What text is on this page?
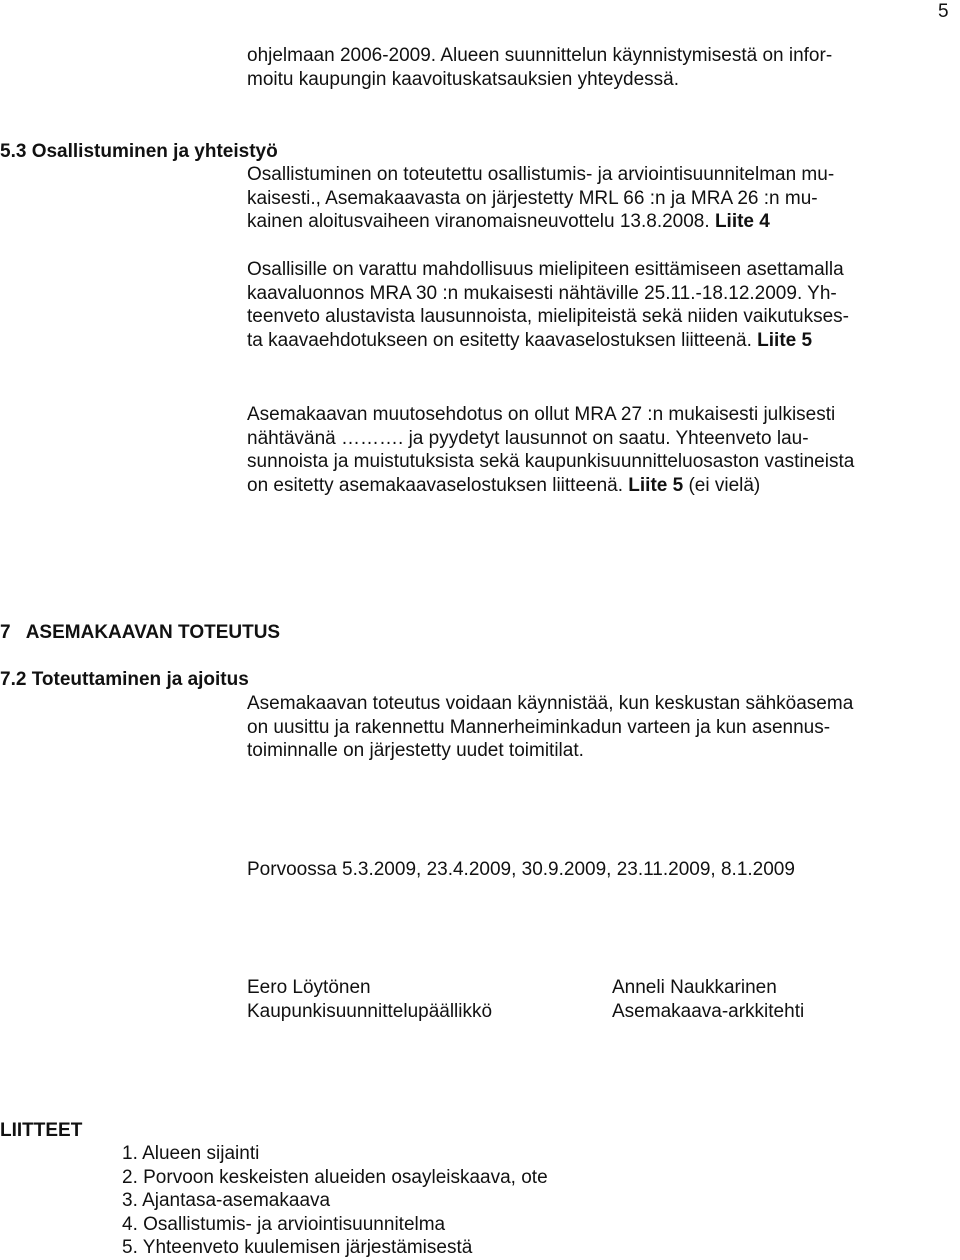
5

ohjelmaan 2006-2009. Alueen suunnittelun käynnistymisestä on infor-

moitu kaupungin kaavoituskatsauksien yhteydessä.

5.3 Osallistuminen ja yhteistyö

Osallistuminen on toteutettu osallistumis- ja arviointisuunnitelman mu-

kaisesti., Asemakaavasta on järjestetty MRL 66 :n ja MRA 26 :n mu-

kainen aloitusvaiheen viranomaisneuvottelu 13.8.2008. Liite 4

Osallisille on varattu mahdollisuus mielipiteen esittämiseen asettamalla

kaavaluonnos MRA 30 :n mukaisesti nähtäville 25.11.-18.12.2009. Yh-

teenveto alustavista lausunnoista, mielipiteistä sekä niiden vaikutukses-

ta kaavaehdotukseen on esitetty kaavaselostuksen liitteenä. Liite 5

Asemakaavan muutosehdotus on ollut MRA 27 :n mukaisesti julkisesti

nähtävänä ………. ja pyydetyt lausunnot on saatu. Yhteenveto lau-

sunnoista ja muistutuksista sekä kaupunkisuunnitteluosaston vastineista

on esitetty asemakaavaselostuksen liitteenä. Liite 5 (ei vielä)

7   ASEMAKAAVAN TOTEUTUS
7.2 Toteuttaminen ja ajoitus

Asemakaavan toteutus voidaan käynnistää, kun keskustan sähköasema

on uusittu ja rakennettu Mannerheiminkadun varteen ja kun asennus-

toiminnalle on järjestetty uudet toimitilat.

Porvoossa 5.3.2009, 23.4.2009, 30.9.2009, 23.11.2009, 8.1.2009
Eero Löytönen
Kaupunkisuunnittelupäällikkö
Anneli Naukkarinen
Asemakaava-arkkitehti
LIITTEET
1. Alueen sijainti
2. Porvoon keskeisten alueiden osayleiskaava, ote
3. Ajantasa-asemakaava
4. Osallistumis- ja arviointisuunnitelma
5. Yhteenveto kuulemisen järjestämisestä
